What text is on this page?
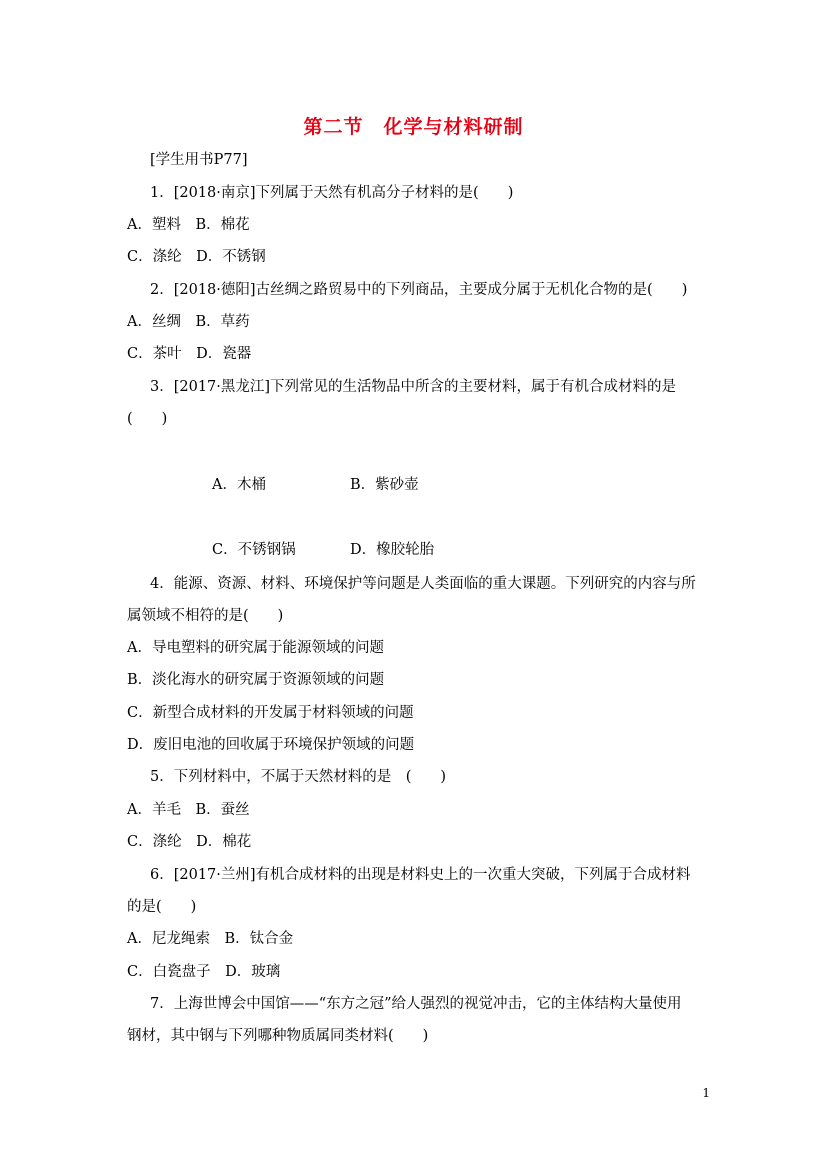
第二节　化学与材料研制
[学生用书P77]
1．[2018·南京]下列属于天然有机高分子材料的是(　　)
A．塑料　B．棉花
C．涤纶　D．不锈钢
2．[2018·德阳]古丝绸之路贸易中的下列商品，主要成分属于无机化合物的是(　　)
A．丝绸　B．草药
C．茶叶　D．瓷器
3．[2017·黑龙江]下列常见的生活物品中所含的主要材料，属于有机合成材料的是
(　　)
A．木桶	B．紫砂壶
C．不锈钢锅	D．橡胶轮胎
4．能源、资源、材料、环境保护等问题是人类面临的重大课题。下列研究的内容与所
属领域不相符的是(　　)
A．导电塑料的研究属于能源领域的问题
B．淡化海水的研究属于资源领域的问题
C．新型合成材料的开发属于材料领域的问题
D．废旧电池的回收属于环境保护领域的问题
5．下列材料中，不属于天然材料的是　(　　)
A．羊毛　B．蚕丝
C．涤纶　D．棉花
6．[2017·兰州]有机合成材料的出现是材料史上的一次重大突破，下列属于合成材料
的是(　　)
A．尼龙绳索　B．钛合金
C．白瓷盘子　D．玻璃
7．上海世博会中国馆——“东方之冠”给人强烈的视觉冲击，它的主体结构大量使用
钢材，其中钢与下列哪种物质属同类材料(　　)
1
